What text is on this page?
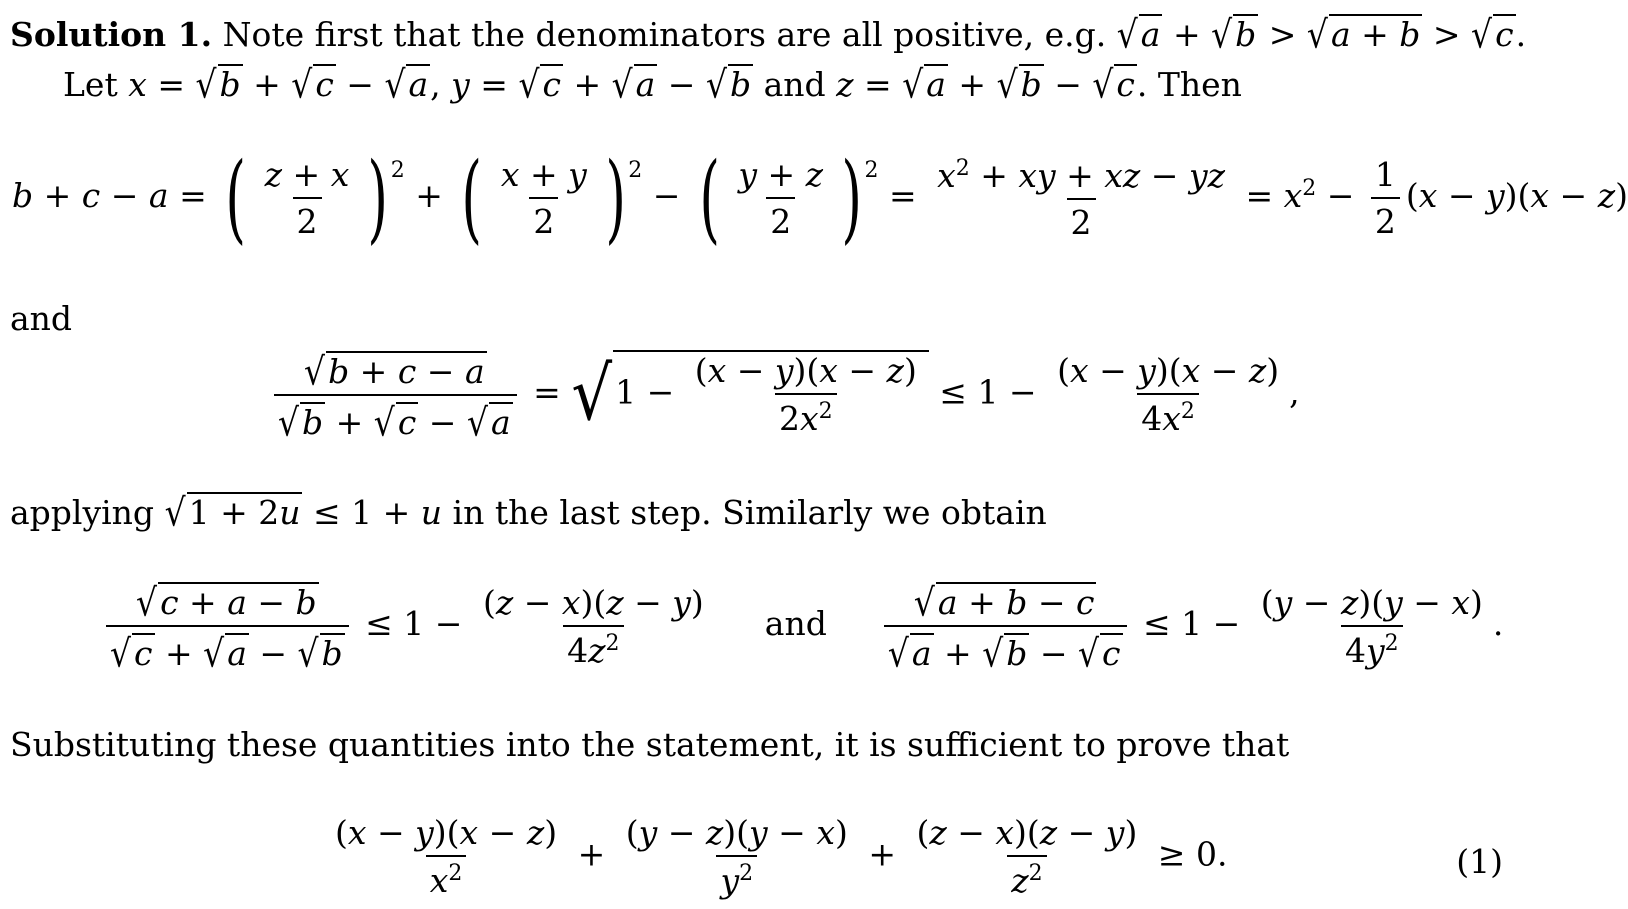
Solution 1. Note first that the denominators are all positive, e.g. √a + √b > √a + b > √c.
Let x = √b + √c − √a, y = √c + √a − √b and z = √a + √b − √c. Then
b + c − a = ( $\frac{z + x}{2}$ ) $^2$ + ( $\frac{x + y}{2}$ ) $^2$ − ( $\frac{y + z}{2}$ ) $^2 = \frac{x^2 + xy + xz - yz}{2} = x^2 - \frac{1}{2} (x - y)(x - z)$
and
$\frac{√b + c - a}{√b + √c - √a} = √1 - \frac{(x - y)(x - z)}{2x^2} \le 1 - \frac{(x - y)(x - z)}{4x^2}$ ,
applying √1 + 2u ≤ 1 + u in the last step. Similarly we obtain
$\frac{√c + a - b}{√c + √a - √b} \le 1 - \frac{(z - x)(z - y)}{4z^2}$ and $\frac{√a + b - c}{√a + √b - √c} \le 1 - \frac{(y - z)(y - x)}{4y^2}$ .
Substituting these quantities into the statement, it is sufficient to prove that
$\frac{(x - y)(x - z)}{x^2} + \frac{(y - z)(y - x)}{y^2} + \frac{(z - x)(z - y)}{z^2} \ge 0$.	(1)
